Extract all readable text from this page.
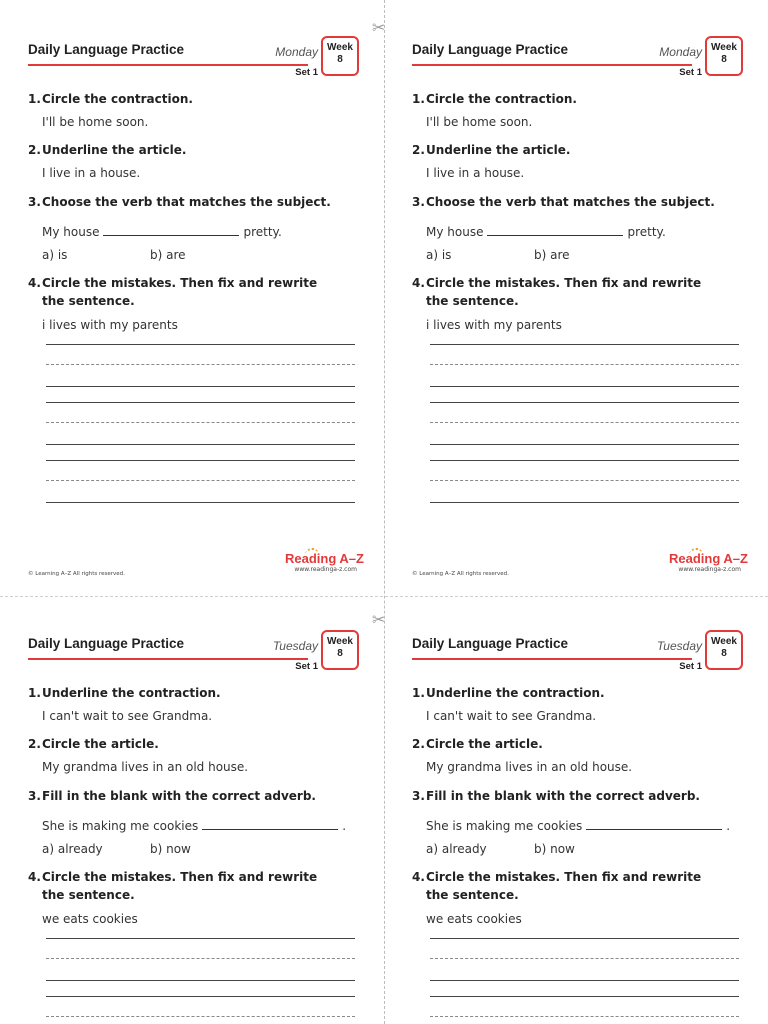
✂
✂
Daily Language Practice	Monday
Set 1
Week
8
1.Circle the contraction.
I'll be home soon.
2.Underline the article.
I live in a house.
3.Choose the verb that matches the subject.
My house	pretty.
a) is	b) are
4.Circle the mistakes. Then fix and rewrite
the sentence.
i lives with my parents
© Learning A–Z All rights reserved.
Reading A–Z
www.readinga-z.com
Daily Language Practice	Monday
Set 1
Week
8
1.Circle the contraction.
I'll be home soon.
2.Underline the article.
I live in a house.
3.Choose the verb that matches the subject.
My house	pretty.
a) is	b) are
4.Circle the mistakes. Then fix and rewrite
the sentence.
i lives with my parents
© Learning A–Z All rights reserved.
Reading A–Z
www.readinga-z.com
Daily Language Practice	Tuesday
Set 1
Week
8
1.Underline the contraction.
I can't wait to see Grandma.
2.Circle the article.
My grandma lives in an old house.
3.Fill in the blank with the correct adverb.
She is making me cookies	.
a) already	b) now
4.Circle the mistakes. Then fix and rewrite
the sentence.
we eats cookies
Daily Language Practice	Tuesday
Set 1
Week
8
1.Underline the contraction.
I can't wait to see Grandma.
2.Circle the article.
My grandma lives in an old house.
3.Fill in the blank with the correct adverb.
She is making me cookies	.
a) already	b) now
4.Circle the mistakes. Then fix and rewrite
the sentence.
we eats cookies
